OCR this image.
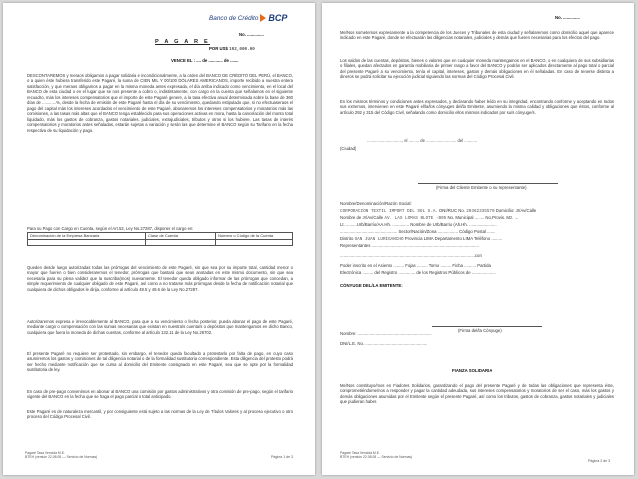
Banco de Crédito BCP
No. ..............
P A G A R E
POR US$ 192,000.00
VENCE EL : .... de ............ de .......
DESCONTAREMOS y meraos obligamos a pagar solidaria e incondicionalmente, a la orden del BANCO DE CRÉDITO DEL PERÚ, el BANCO, o a quien éste hubiera transferido este Pagaré, la suma de CIEN MIL Y 00/100 DÓLARES AMERICANOS, importe recibido a nuestra entera satisfacción, y que meraos obligamos a pagar en la misma moneda antes expresada, el día arriba indicado como vencimiento, en el local del BANCO de esta ciudad o en el lugar que se nos presente a cobro o, indistintamente, con cargo en la cuenta que señalamos en el siguiente recuadro, más los intereses compensatorios que el importe de este Pagaré genere, a la tasa efectiva anual determinada sobre la base de 360 días de ............%, desde la fecha de emisión de este Pagaré hasta el día de su vencimiento, quedando estipulado que, si no efectuaseraos el pago del capital más los intereses acordados el vencimiento de este Pagaré, abonaremos los intereses compensatorios y moratorios más las comisiones, a las tasas más altas que el BANCO tenga establecido para sus operaciones activas en mora, hasta la cancelación del monto total liquidado, más los gastos de cobranza, gastos notariales, judiciales, extrajudiciales, tributos y otros si los hubiere. Las tasas de interés compensatorios y moratorios antes señaladas, estarán sujetas a variación y serán las que determine el BANCO según su Tarifario en la fecha respectiva de su liquidación y pago.
Para su Pago con Cargo en Cuenta, según el Art.53, Ley No.27287, disponer el cargo en:
Denominación de la Empresa Bancaria	Clase de Cuenta	Número o Código de la Cuenta

Queden desde luego autorizadas todas las prórrogas del vencimiento de este Pagaré, sin que sea por su importe total, cantidad menor o mayor que fueren o bien consideraremos el tenedor, prórrogas que bastará que sean anotadas en este mismo documento, sin que sea necesaria para su plena validez que la suscriba(mos) nuevamente. El tenedor queda obligado informar de las prórrogas que concedan, a simple requerimiento de cualquier obligado de este Pagaré, así como a no tratarse más prórrogas desde la fecha de notificación notarial que cualquiera de dichos obligados le dirija, conforme al artículo 49.5 y 49.6 de la Ley No.27287.
Autorizaremos expresa e irrevocablemente al BANCO, para que a su vencimiento o fecha posterior, pueda abonar el pago de este Pagaré, mediante cargo o compensación con las sumas necesarias que existan en nuestra/s cuenta/s o depósitos que mantengamos en dicho Banco, cualquiera que fuera la moneda de dichas cuentas, conforme al artículo 132.11 de la Ley No.26702.
El presente Pagaré no requiere ser protestado, sin embargo, el tenedor queda facultado a protestarlo por falta de pago, en cuyo caso asumiremos los gastos y comisiones de tal diligencia notarial o de la formalidad sustitutoria correspondiente. Esta diligencia del protesto podrá ser hecho mediante notificación que se cursa al domicilio del Emitente consignado en este Pagaré, sea que se opte por la formalidad sustitutoria de ley.
En caso de pre-pago convenimos en abonar al BANCO una comisión por gastos administrativos y otra comisión de pre-pago, según el tarifario vigente del BANCO en la fecha que se haga el pago parcial o total anticipado.
Este Pagaré es de naturaleza mercantil, y por consiguiente está sujeto a las normas de la Ley de Títulos Valores y al proceso ejecutivo o otro proceso del Código Procesal Civil.
Pagaré Tasa Vencida M.E.
BTEH (versión 22.08.08 — Servicio de Normas)	Página 1 de 3
No. ..............
Me/Nos sometemos expresamente a la competencia de los Jueces y Tribunales de esta ciudad y señalaremos como domicilio aquel que aparece indicado en este Pagaré, donde se efectuarán las diligencias notariales, judiciales y demás que fueren necesarias para los efectos del pago.
Los saldos de las cuentas, depósitos, bienes o valores que en cualquier moneda mantengamos en el BANCO, o en cualquiera de sus subsidiarias o filiales, quedan afectados en garantía mobiliaria de primer rango a favor del BANCO y podrán ser aplicados directamente al pago total o parcial del presente Pagaré a su vencimiento, tenía el capital, intereses, gastos y demás obligaciones en él señaladas. En caso de tenerse distinta a dineros se podrá solicitar su ejecución judicial siguiendo las normas del Código Procesal Civil.
En los mismos términos y condiciones antes expresados, y declarando haber leído en su integridad, encontrando conforme y aceptando en todos sus extremos, intervienen en este Pagaré el/la/los cónyuges del/la Emitente, asumiendo la misma calidad y obligaciones que éstos, conforme al artículo 292 y 315 del Código Civil, señalando como domicilio ellos mismos indicados por su/s cónyuge/s.
.............................., el ......... de .......................... del ...........
(Ciudad)
(Firma del Cliente Emitente o su representante)
Nombre/Denominación/Razón Social:
CORPORACION TEXTIL IMPORT DEL SOL S.A. DNI/RUC No. 20362335570 Domicilio: Jr/Av/Calle
Nombre de Jr/Av/Calle AV. LAS LOMAS BLOTE -B05 No. Municipal ........ No.Provis. Mz. ...
Lt. .........Urb/Barrio/AA.Hh. .............. Nombre de Urb/Barrio (Ah.Hh. .......................
................................................ Sector/Nación/Zona ................. Código Postal .......
Distrito SAN JUAN LURIGANCHO Provincia LIMA Departamento LIMA Teléfono .........
Representantes ..........................................................................................
.................................................................................................................con
Poder inscrito en el Asiento ......... Fojas ......... Tomo ......... Ficha .......... Partida
Electrónica ......... del Registro .............. de los Registros Públicos de ....................
CÓNYUGE DEL/LA EMITENTE:
(Firma del/la Cónyuge)
Nombre: ..............................................................
DNI/L.E. No. ....................................................
FIANZA SOLIDARIA
Me/Nos constituyo/mos en Fiadores Solidarios, garantizando el pago del presente Pagaré y de todas las obligaciones que representa éste, comprometiéndome/nos a responder y pagar la cantidad adeudada, sus intereses compensatorios y moratorios de ser el caso, más los gastos y demás obligaciones asumidas por el Emitente según el presente Pagaré, así como los tributos, gastos de cobranza, gastos notariales y judiciales que pudieran haber.
Pagaré Tasa Vencida M.E.
BTEH (versión 22.08.08 — Servicio de Normas)
Página 2 de 3
